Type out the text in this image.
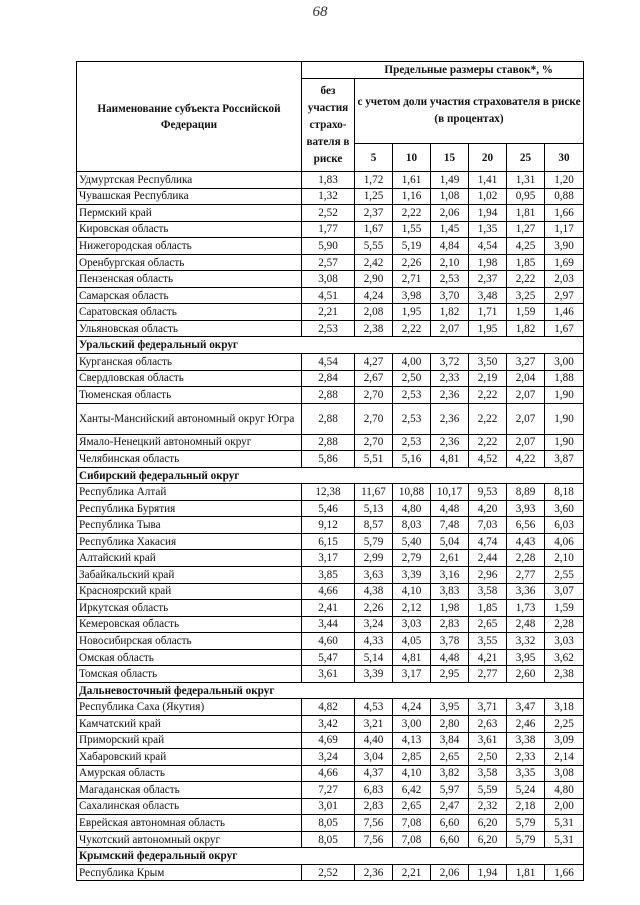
68
Наименование субъекта Российской Федерации	Предельные размеры ставок*, %						
	без участия страхо-вателя в риске	с учетом доли участия страхователя в риске (в процентах)					
		5	10	15	20	25	30
Удмуртская Республика	1,83	1,72	1,61	1,49	1,41	1,31	1,20
Чувашская Республика	1,32	1,25	1,16	1,08	1,02	0,95	0,88
Пермский край	2,52	2,37	2,22	2,06	1,94	1,81	1,66
Кировская область	1,77	1,67	1,55	1,45	1,35	1,27	1,17
Нижегородская область	5,90	5,55	5,19	4,84	4,54	4,25	3,90
Оренбургская область	2,57	2,42	2,26	2,10	1,98	1,85	1,69
Пензенская область	3,08	2,90	2,71	2,53	2,37	2,22	2,03
Самарская область	4,51	4,24	3,98	3,70	3,48	3,25	2,97
Саратовская область	2,21	2,08	1,95	1,82	1,71	1,59	1,46
Ульяновская область	2,53	2,38	2,22	2,07	1,95	1,82	1,67
Уральский федеральный округ							
Курганская область	4,54	4,27	4,00	3,72	3,50	3,27	3,00
Свердловская область	2,84	2,67	2,50	2,33	2,19	2,04	1,88
Тюменская область	2,88	2,70	2,53	2,36	2,22	2,07	1,90
Ханты-Мансийский автономный округ Югра	2,88	2,70	2,53	2,36	2,22	2,07	1,90
Ямало-Ненецкий автономный округ	2,88	2,70	2,53	2,36	2,22	2,07	1,90
Челябинская область	5,86	5,51	5,16	4,81	4,52	4,22	3,87
Сибирский федеральный округ							
Республика Алтай	12,38	11,67	10,88	10,17	9,53	8,89	8,18
Республика Бурятия	5,46	5,13	4,80	4,48	4,20	3,93	3,60
Республика Тыва	9,12	8,57	8,03	7,48	7,03	6,56	6,03
Республика Хакасия	6,15	5,79	5,40	5,04	4,74	4,43	4,06
Алтайский край	3,17	2,99	2,79	2,61	2,44	2,28	2,10
Забайкальский край	3,85	3,63	3,39	3,16	2,96	2,77	2,55
Красноярский край	4,66	4,38	4,10	3,83	3,58	3,36	3,07
Иркутская область	2,41	2,26	2,12	1,98	1,85	1,73	1,59
Кемеровская область	3,44	3,24	3,03	2,83	2,65	2,48	2,28
Новосибирская область	4,60	4,33	4,05	3,78	3,55	3,32	3,03
Омская область	5,47	5,14	4,81	4,48	4,21	3,95	3,62
Томская область	3,61	3,39	3,17	2,95	2,77	2,60	2,38
Дальневосточный федеральный округ							
Республика Саха (Якутия)	4,82	4,53	4,24	3,95	3,71	3,47	3,18
Камчатский край	3,42	3,21	3,00	2,80	2,63	2,46	2,25
Приморский край	4,69	4,40	4,13	3,84	3,61	3,38	3,09
Хабаровский край	3,24	3,04	2,85	2,65	2,50	2,33	2,14
Амурская область	4,66	4,37	4,10	3,82	3,58	3,35	3,08
Магаданская область	7,27	6,83	6,42	5,97	5,59	5,24	4,80
Сахалинская область	3,01	2,83	2,65	2,47	2,32	2,18	2,00
Еврейская автономная область	8,05	7,56	7,08	6,60	6,20	5,79	5,31
Чукотский автономный округ	8,05	7,56	7,08	6,60	6,20	5,79	5,31
Крымский федеральный округ							
Республика Крым	2,52	2,36	2,21	2,06	1,94	1,81	1,66
